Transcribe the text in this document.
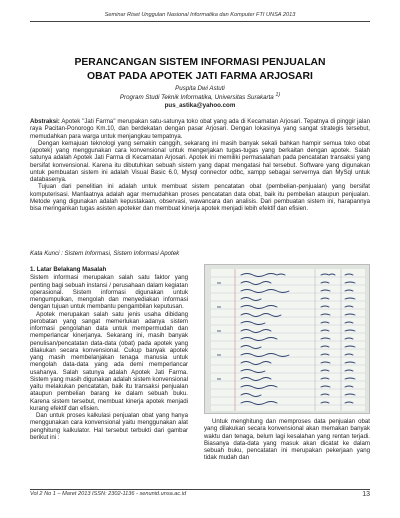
Seminar Riset Unggulan Nasional Informatika dan Komputer FTI UNSA 2013
PERANCANGAN SISTEM INFORMASI PENJUALAN
OBAT PADA APOTEK JATI FARMA ARJOSARI
Puspita Dwi Astuti
Program Studi Teknik Informatika, Universitas Surakarta $^{1)}$
pus_astika@yahoo.com

Abstraksi: Apotek "Jati Farma" merupakan satu-satunya toko obat yang ada di Kecamatan Arjosari. Tepatnya di pinggir jalan raya Pacitan-Ponorogo Km.10, dan berdekatan dengan pasar Arjosari. Dengan lokasinya yang sangat strategis tersebut, memudahkan para warga untuk menjangkau tempatnya.

Dengan kemajuan teknologi yang semakin canggih, sekarang ini masih banyak sekali bahkan hampir semua toko obat (apotek) yang menggunakan cara konvensional untuk mengerjakan tugas-tugas yang berkaitan dengan apotek. Salah satunya adalah Apotek Jati Farma di Kecamatan Arjosari. Apotek ini memiliki permasalahan pada pencatatan transaksi yang bersifat konvensional. Karena itu dibutuhkan sebuah sistem yang dapat mengatasi hal tersebut. Software yang digunakan untuk pembuatan sistem ini adalah Visual Basic 6.0, Mysql connector odbc, xampp sebagai servernya dan MySql untuk databasenya.

Tujuan dari penelitian ini adalah untuk membuat sistem pencatatan obat (pembelian-penjualan) yang bersifat komputerisasi. Manfaatnya adalah agar memudahkan proses pencatatan data obat, baik itu pembelian ataupun penjualan. Metode yang digunakan adalah kepustakaan, observasi, wawancara dan analisis. Dari pembuatan sistem ini, harapannya bisa meringankan tugas asisten apoteker dan membuat kinerja apotek menjadi lebih efektif dan efisien.

Kata Kunci : Sistem Informasi, Sistem Informasi Apotek
1. Latar Belakang Masalah

Sistem informasi merupakan salah satu faktor yang penting bagi sebuah instansi / perusahaan dalam kegiatan operasional. Sistem informasi digunakan untuk mengumpulkan, mengolah dan menyediakan informasi dengan tujuan untuk membantu pengambilan keputusan.

Apotek merupakan salah satu jenis usaha dibidang perobatan yang sangat memerlukan adanya sistem informasi pengolahan data untuk mempermudah dan memperlancar kinerjanya. Sekarang ini, masih banyak penulisan/pencatatan data-data (obat) pada apotek yang dilakukan secara konvensional. Cukup banyak apotek yang masih membelanjakan tenaga manusia untuk mengolah data-data yang ada demi memperlancar usahanya. Salah satunya adalah Apotek Jati Farma. Sistem yang masih digunakan adalah sistem konvensional yaitu melakukan pencatatan, baik itu transaksi penjualan ataupun pembelian barang ke dalam sebuah buku. Karena sistem tersebut, membuat kinerja apotek menjadi kurang efektif dan efisien.

Dan untuk proses kalkulasi penjualan obat yang hanya menggunakan cara konvensional yaitu menggunakan alat penghitung kalkulator. Hal tersebut terbukti dari gambar berikut ini :

Untuk menghitung dan memproses data penjualan obat yang dilakukan secara konvensional akan memakan banyak waktu dan tenaga, belum lagi kesalahan yang rentan terjadi. Biasanya data-data yang masuk akan dicatat ke dalam sebuah buku, pencatatan ini merupakan pekerjaan yang tidak mudah dan

Vol 2 No 1 – Maret 2013 ISSN: 2302-1136 - senunid.unsa.ac.id	13
